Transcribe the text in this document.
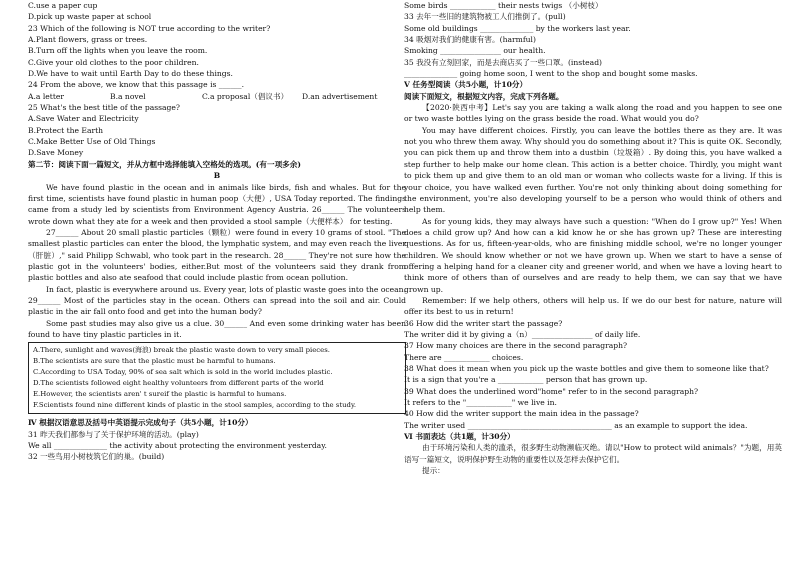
C.use a paper cup
D.pick up waste paper at school
23 Which of the following is NOT true according to the writer?
A.Plant flowers, grass or trees.
B.Turn off the lights when you leave the room.
C.Give your old clothes to the poor children.
D.We have to wait until Earth Day to do these things.
24 From the above, we know that this passage is ______.
A.a letter	B.a novel	C.a proposal（倡议书） D.an advertisement
25 What's the best title of the passage?
A.Save Water and Electricity
B.Protect the Earth
C.Make Better Use of Old Things
D.Save Money
第二节：阅读下面一篇短文，并从方框中选择能填入空格处的选项。(有一项多余)
B
We have found plastic in the ocean and in animals like birds, fish and whales. But for the first time, scientists have found plastic in human poop（大便）, USA Today reported. The findings came from a study led by scientists from Environment Agency Austria. 26______ The volunteers wrote down what they ate for a week and then provided a stool sample（大便样本） for testing.
27______ About 20 small plastic particles（颗粒）were found in every 10 grams of stool. "The smallest plastic particles can enter the blood, the lymphatic system, and may even reach the liver（肝脏）," said Philipp Schwabl, who took part in the research. 28______ They're not sure how the plastic got in the volunteers' bodies, either.But most of the volunteers said they drank from plastic bottles and also ate seafood that could include plastic from ocean pollution.
In fact, plastic is everywhere around us. Every year, lots of plastic waste goes into the ocean. 29______ Most of the particles stay in the ocean. Others can spread into the soil and air. Could plastic in the air fall onto food and get into the human body?
Some past studies may also give us a clue. 30______ And even some drinking water has been found to have tiny plastic particles in it.
A.There, sunlight and waves(海浪) break the plastic waste down to very small pieces.
B.The scientists are sure that the plastic must be harmful to humans.
C.According to USA Today, 90% of sea salt which is sold in the world includes plastic.
D.The scientists followed eight healthy volunteers from different parts of the world
E.However, the scientists aren' t sureif the plastic is harmful to humans.
F.Scientists found nine different kinds of plastic in the stool samples, according to the study.
Ⅳ 根据汉语意思及括号中英语提示完成句子（共5小题，计10分）
31 昨天我们都参与了关于保护环境的活动。(play)
We all ______________ the activity about protecting the environment yesterday.
32 一些鸟用小树枝筑它们的巢。(build)
Some birds ____________ their nests twigs （小树枝）
33 去年一些旧的建筑物被工人们推倒了。(pull)
Some old buildings ______________ by the workers last year.
34 吸烟对我们的健康有害。(harmful)
Smoking ________________ our health.
35 我没有立刻回家，而是去商店买了一些口罩。(instead)
______________ going home soon, I went to the shop and bought some masks.
Ⅴ 任务型阅读（共5小题，计10分）
阅读下面短文，根据短文内容，完成下列各题。
【2020·陕西中考】Let's say you are taking a walk along the road and you happen to see one or two waste bottles lying on the grass beside the road. What would you do?
You may have different choices. Firstly, you can leave the bottles there as they are. It was not you who threw them away. Why should you do something about it? This is quite OK. Secondly, you can pick them up and throw them into a dustbin（垃圾箱）. By doing this, you have walked a step further to help make our home clean. This action is a better choice. Thirdly, you might want to pick them up and give them to an old man or woman who collects waste for a living. If this is your choice, you have walked even further. You're not only thinking about doing something for the environment, you're also developing yourself to be a person who would think of others and help them.
As for young kids, they may always have such a question: "When do I grow up?" Yes! When does a child grow up? And how can a kid know he or she has grown up? These are interesting questions. As for us, fifteen-year-olds, who are finishing middle school, we're no longer younger children. We should know whether or not we have grown up. When we start to have a sense of offering a helping hand for a cleaner city and greener world, and when we have a loving heart to think more of others than of ourselves and are ready to help them, we can say that we have grown up.
Remember: If we help others, others will help us. If we do our best for nature, nature will offer its best to us in return!
36 How did the writer start the passage?
The writer did it by giving a（n）________________ of daily life.
37 How many choices are there in the second paragraph?
There are ____________ choices.
38 What does it mean when you pick up the waste bottles and give them to someone like that?
It is a sign that you're a ____________ person that has grown up.
39 What does the underlined word"home" refer to in the second paragraph?
It refers to the "____________" we live in.
40 How did the writer support the main idea in the passage?
The writer used ______________________________________ as an example to support the idea.
Ⅵ 书面表达（共1题，计30分）
由于环境污染和人类的滥杀，很多野生动物濒临灭绝。请以"How to protect wild animals？"为题，用英语写一篇短文，说明保护野生动物的重要性以及怎样去保护它们。
提示：
